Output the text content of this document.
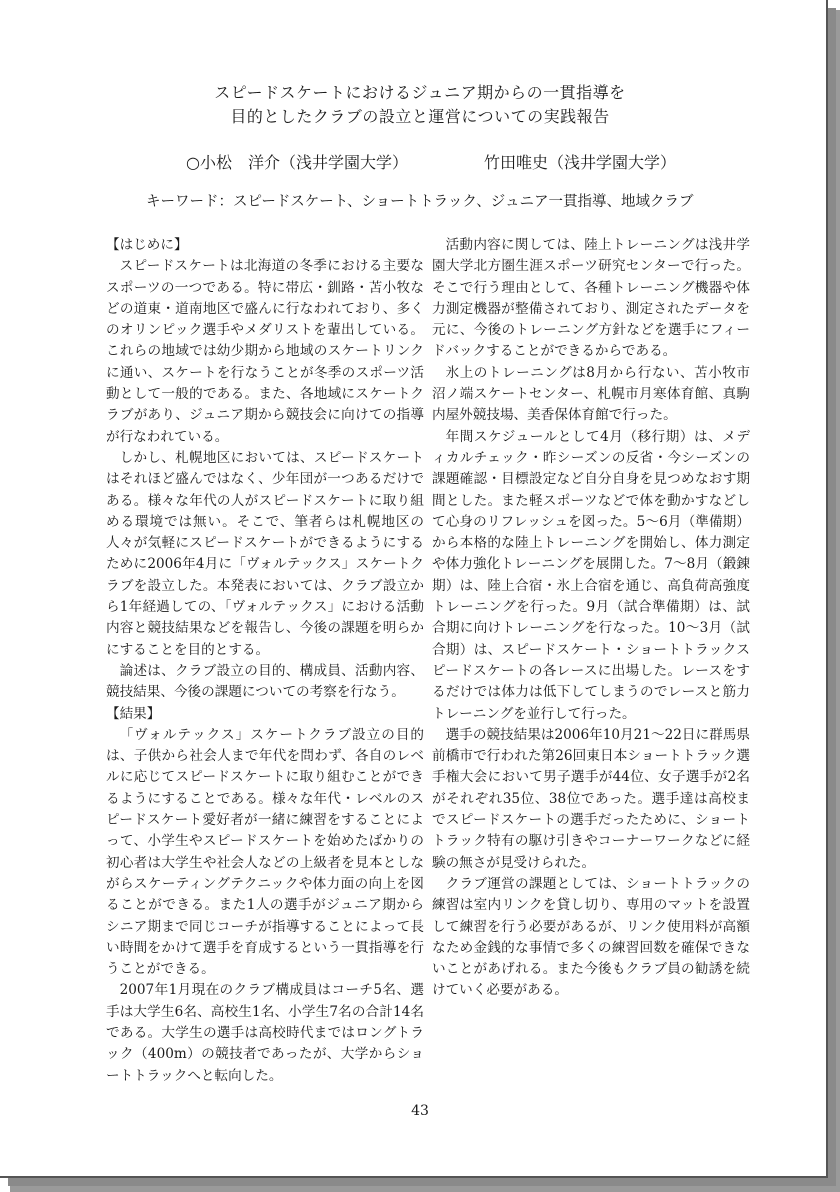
スピードスケートにおけるジュニア期からの一貫指導を
目的としたクラブの設立と運営についての実践報告
○小松　洋介（浅井学園大学）	竹田唯史（浅井学園大学）
キーワード：スピードスケート、ショートトラック、ジュニア一貫指導、地域クラブ

【はじめに】

スピードスケートは北海道の冬季における主要なスポーツの一つである。特に帯広・釧路・苫小牧などの道東・道南地区で盛んに行なわれており、多くのオリンピック選手やメダリストを輩出している。これらの地域では幼少期から地域のスケートリンクに通い、スケートを行なうことが冬季のスポーツ活動として一般的である。また、各地域にスケートクラブがあり、ジュニア期から競技会に向けての指導が行なわれている。

しかし、札幌地区においては、スピードスケートはそれほど盛んではなく、少年団が一つあるだけである。様々な年代の人がスピードスケートに取り組める環境では無い。そこで、筆者らは札幌地区の人々が気軽にスピードスケートができるようにするために2006年4月に「ヴォルテックス」スケートクラブを設立した。本発表においては、クラブ設立から1年経過しての、「ヴォルテックス」における活動内容と競技結果などを報告し、今後の課題を明らかにすることを目的とする。

論述は、クラブ設立の目的、構成員、活動内容、競技結果、今後の課題についての考察を行なう。

【結果】

「ヴォルテックス」スケートクラブ設立の目的は、子供から社会人まで年代を問わず、各自のレベルに応じてスピードスケートに取り組むことができるようにすることである。様々な年代・レベルのスピードスケート愛好者が一緒に練習をすることによって、小学生やスピードスケートを始めたばかりの初心者は大学生や社会人などの上級者を見本としながらスケーティングテクニックや体力面の向上を図ることができる。また1人の選手がジュニア期からシニア期まで同じコーチが指導することによって長い時間をかけて選手を育成するという一貫指導を行うことができる。

2007年1月現在のクラブ構成員はコーチ5名、選手は大学生6名、高校生1名、小学生7名の合計14名である。大学生の選手は高校時代まではロングトラック（400m）の競技者であったが、大学からショートトラックへと転向した。

活動内容に関しては、陸上トレーニングは浅井学園大学北方圏生涯スポーツ研究センターで行った。そこで行う理由として、各種トレーニング機器や体力測定機器が整備されており、測定されたデータを元に、今後のトレーニング方針などを選手にフィードバックすることができるからである。

氷上のトレーニングは8月から行ない、苫小牧市沼ノ端スケートセンター、札幌市月寒体育館、真駒内屋外競技場、美香保体育館で行った。

年間スケジュールとして4月（移行期）は、メディカルチェック・昨シーズンの反省・今シーズンの課題確認・目標設定など自分自身を見つめなおす期間とした。また軽スポーツなどで体を動かすなどして心身のリフレッシュを図った。5～6月（準備期）から本格的な陸上トレーニングを開始し、体力測定や体力強化トレーニングを展開した。7～8月（鍛錬期）は、陸上合宿・氷上合宿を通じ、高負荷高強度トレーニングを行った。9月（試合準備期）は、試合期に向けトレーニングを行なった。10～3月（試合期）は、スピードスケート・ショートトラックスピードスケートの各レースに出場した。レースをするだけでは体力は低下してしまうのでレースと筋力トレーニングを並行して行った。

選手の競技結果は2006年10月21～22日に群馬県前橋市で行われた第26回東日本ショートトラック選手権大会において男子選手が44位、女子選手が2名がそれぞれ35位、38位であった。選手達は高校までスピードスケートの選手だったために、ショートトラック特有の駆け引きやコーナーワークなどに経験の無さが見受けられた。

クラブ運営の課題としては、ショートトラックの練習は室内リンクを貸し切り、専用のマットを設置して練習を行う必要があるが、リンク使用料が高額なため金銭的な事情で多くの練習回数を確保できないことがあげれる。また今後もクラブ員の勧誘を続けていく必要がある。

43
